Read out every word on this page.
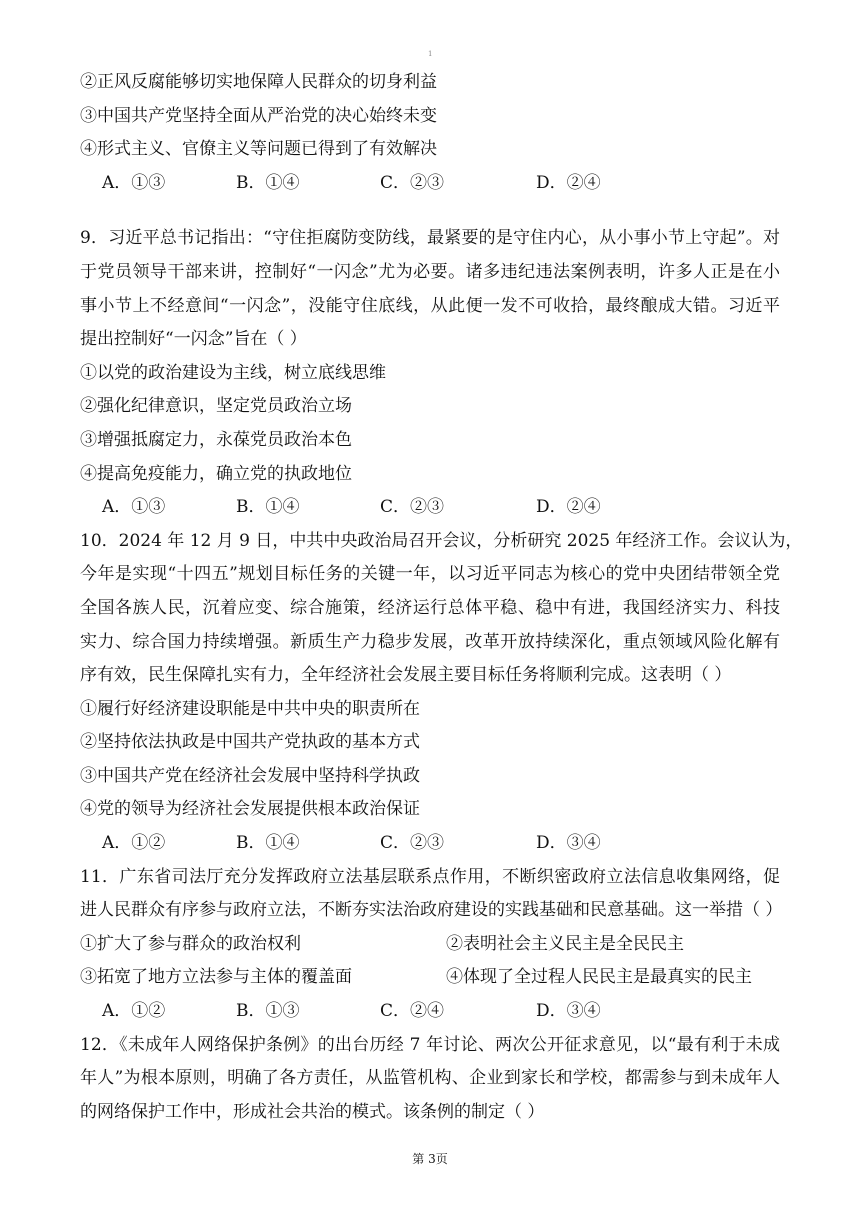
1
②正风反腐能够切实地保障人民群众的切身利益
③中国共产党坚持全面从严治党的决心始终未变
④形式主义、官僚主义等问题已得到了有效解决
A．①③	B．①④	C．②③	D．②④
9．习近平总书记指出：“守住拒腐防变防线，最紧要的是守住内心，从小事小节上守起”。对
于党员领导干部来讲，控制好“一闪念”尤为必要。诸多违纪违法案例表明，许多人正是在小
事小节上不经意间“一闪念”，没能守住底线，从此便一发不可收拾，最终酿成大错。习近平
提出控制好“一闪念”旨在（ ）
①以党的政治建设为主线，树立底线思维
②强化纪律意识，坚定党员政治立场
③增强抵腐定力，永葆党员政治本色
④提高免疫能力，确立党的执政地位
A．①③	B．①④	C．②③	D．②④
10．2024 年 12 月 9 日，中共中央政治局召开会议，分析研究 2025 年经济工作。会议认为，
今年是实现“十四五”规划目标任务的关键一年，以习近平同志为核心的党中央团结带领全党
全国各族人民，沉着应变、综合施策，经济运行总体平稳、稳中有进，我国经济实力、科技
实力、综合国力持续增强。新质生产力稳步发展，改革开放持续深化，重点领域风险化解有
序有效，民生保障扎实有力，全年经济社会发展主要目标任务将顺利完成。这表明（ ）
①履行好经济建设职能是中共中央的职责所在
②坚持依法执政是中国共产党执政的基本方式
③中国共产党在经济社会发展中坚持科学执政
④党的领导为经济社会发展提供根本政治保证
A．①②	B．①④	C．②③	D．③④
11．广东省司法厅充分发挥政府立法基层联系点作用，不断织密政府立法信息收集网络，促
进人民群众有序参与政府立法，不断夯实法治政府建设的实践基础和民意基础。这一举措（ ）
①扩大了参与群众的政治权利	②表明社会主义民主是全民民主
③拓宽了地方立法参与主体的覆盖面	④体现了全过程人民民主是最真实的民主
A．①②	B．①③	C．②④	D．③④
12．《未成年人网络保护条例》的出台历经 7 年讨论、两次公开征求意见，以“最有利于未成
年人”为根本原则，明确了各方责任，从监管机构、企业到家长和学校，都需参与到未成年人
的网络保护工作中，形成社会共治的模式。该条例的制定（ ）
第 3页
